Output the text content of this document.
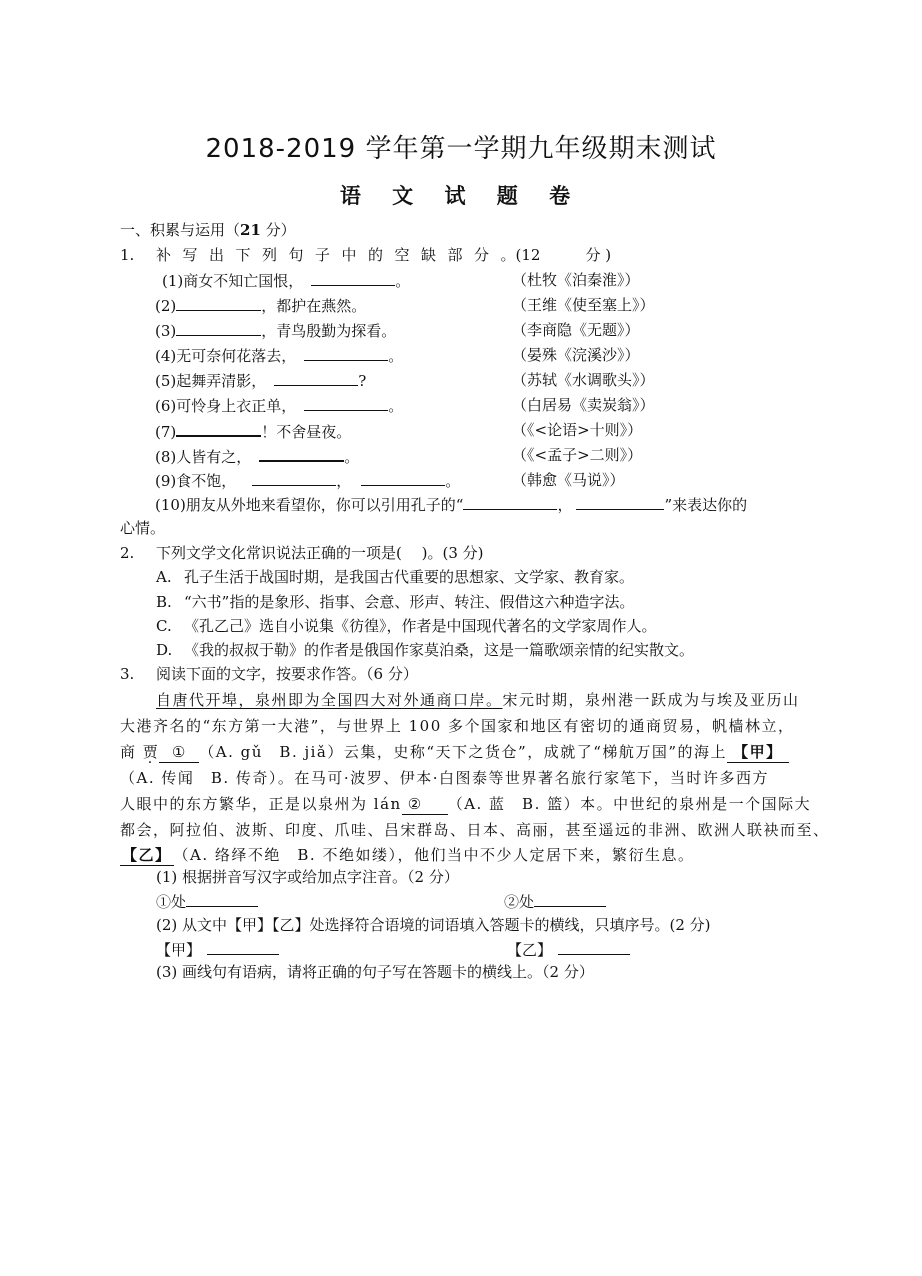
2018-2019 学年第一学期九年级期末测试
语 文 试 题 卷
一、积累与运用（21 分）
1. 补写出下列句子中的空缺部分。(12　　　分 )
(1)商女不知亡国恨，	。	（杜牧《泊秦淮》）
(2)	，都护在燕然。	（王维《使至塞上》）
(3)	，青鸟殷勤为探看。	（李商隐《无题》）
(4)无可奈何花落去，	。	（晏殊《浣溪沙》）
(5)起舞弄清影，	?	（苏轼《水调歌头》）
(6)可怜身上衣正单，	。	（白居易《卖炭翁》）
(7)	！不舍昼夜。	（《<论语>十则》）
(8)人皆有之，	。	（《<孟子>二则》）
(9)食不饱，	，	。	（韩愈《马说》）
(10)朋友从外地来看望你，你可以引用孔子的“	，	”来表达你的
心情。
2. 下列文学文化常识说法正确的一项是(　 )。(3 分)
A. 孔子生活于战国时期，是我国古代重要的思想家、文学家、教育家。
B. “六书”指的是象形、指事、会意、形声、转注、假借这六种造字法。
C. 《孔乙己》选自小说集《彷徨》，作者是中国现代著名的文学家周作人。
D. 《我的叔叔于勒》的作者是俄国作家莫泊桑，这是一篇歌颂亲情的纪实散文。
3. 阅读下面的文字，按要求作答。（6 分）
自唐代开埠，泉州即为全国四大对外通商口岸。宋元时期，泉州港一跃成为与埃及亚历山
大港齐名的“东方第一大港”，与世界上 100 多个国家和地区有密切的通商贸易，帆樯林立，
商 贾 ① （A. gǔ　B. jiǎ）云集，史称“天下之货仓”，成就了“梯航万国”的海上 【甲】
（A. 传闻　B. 传奇）。在马可·波罗、伊本·白图泰等世界著名旅行家笔下，当时许多西方
人眼中的东方繁华，正是以泉州为 lán ② （A. 蓝　B. 篮）本。中世纪的泉州是一个国际大
都会，阿拉伯、波斯、印度、爪哇、吕宋群岛、日本、高丽，甚至遥远的非洲、欧洲人联袂而至、
【乙】 （A. 络绎不绝　B. 不绝如缕），他们当中不少人定居下来，繁衍生息。
(1) 根据拼音写汉字或给加点字注音。（2 分）
①处	②处
(2) 从文中【甲】【乙】处选择符合语境的词语填入答题卡的横线，只填序号。(2 分)
【甲】	【乙】
(3) 画线句有语病，请将正确的句子写在答题卡的横线上。（2 分）
